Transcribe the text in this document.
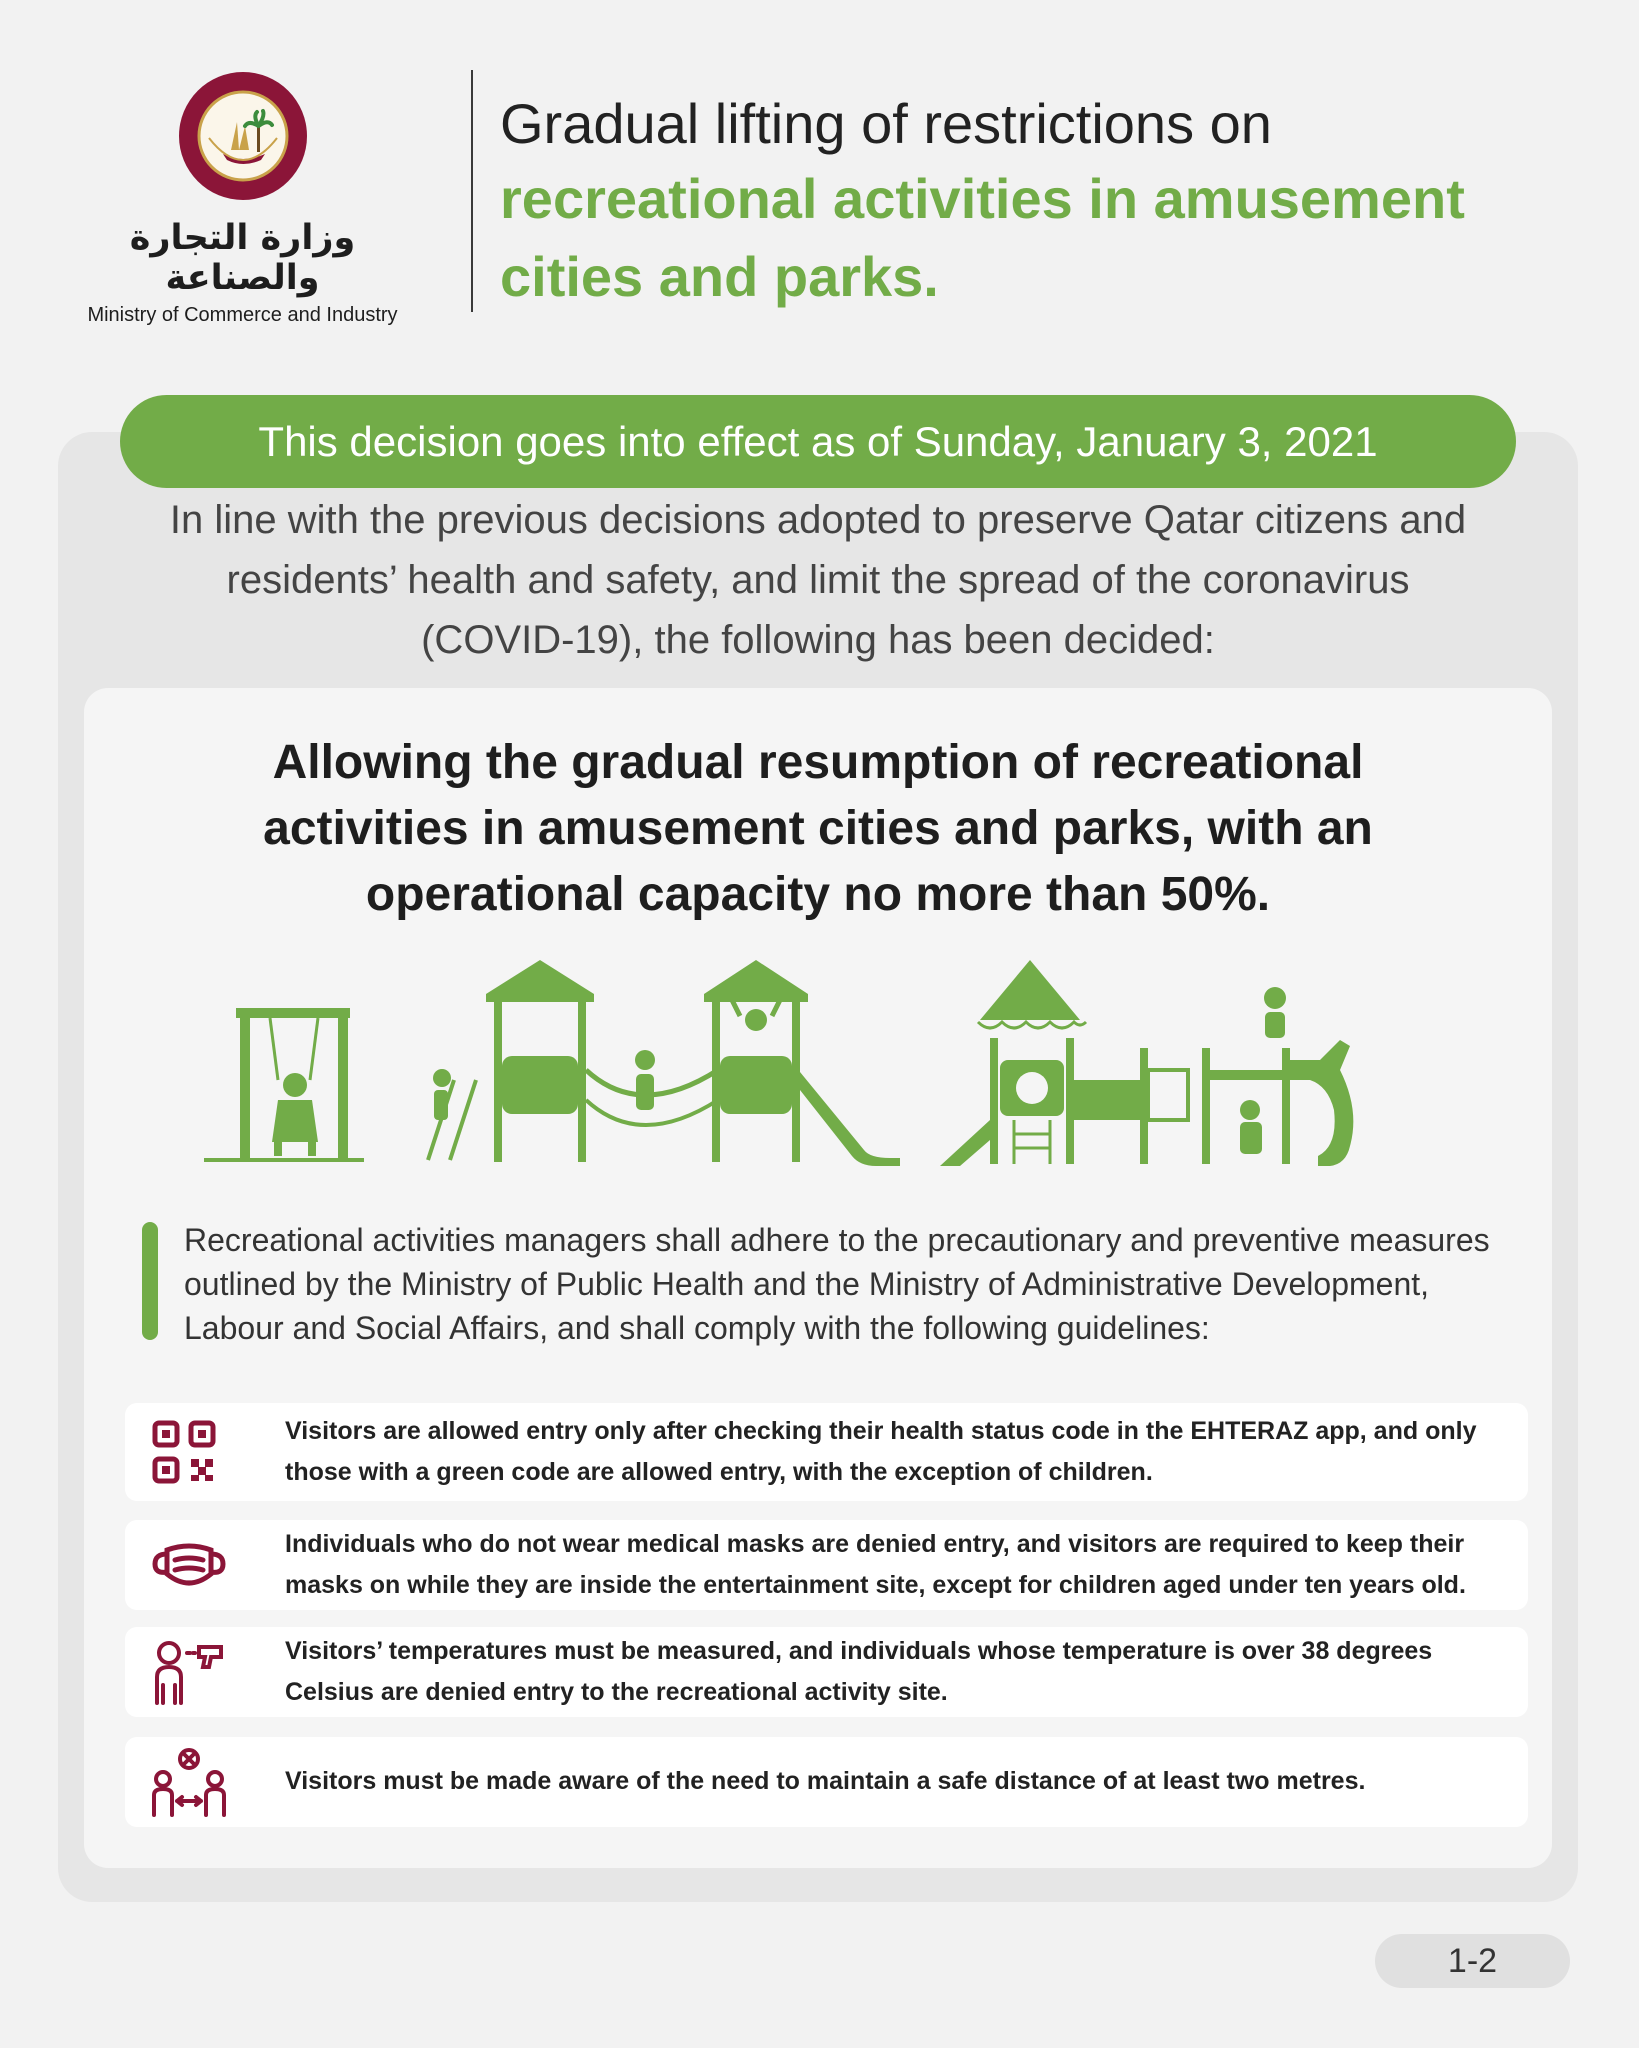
وزارة التجارة والصناعة
Ministry of Commerce and Industry
Gradual lifting of restrictions on
recreational activities in amusement
cities and parks.
This decision goes into effect as of Sunday, January 3, 2021
In line with the previous decisions adopted to preserve Qatar citizens and
residents’ health and safety, and limit the spread of the coronavirus
(COVID-19), the following has been decided:
Allowing the gradual resumption of recreational
activities in amusement cities and parks, with an
operational capacity no more than 50%.
Recreational activities managers shall adhere to the precautionary and preventive measures
outlined by the Ministry of Public Health and the Ministry of Administrative Development,
Labour and Social Affairs, and shall comply with the following guidelines:
Visitors are allowed entry only after checking their health status code in the EHTERAZ app, and only
those with a green code are allowed entry, with the exception of children.
Individuals who do not wear medical masks are denied entry, and visitors are required to keep their
masks on while they are inside the entertainment site, except for children aged under ten years old.
Visitors’ temperatures must be measured, and individuals whose temperature is over 38 degrees
Celsius are denied entry to the recreational activity site.
Visitors must be made aware of the need to maintain a safe distance of at least two metres.
1-2
